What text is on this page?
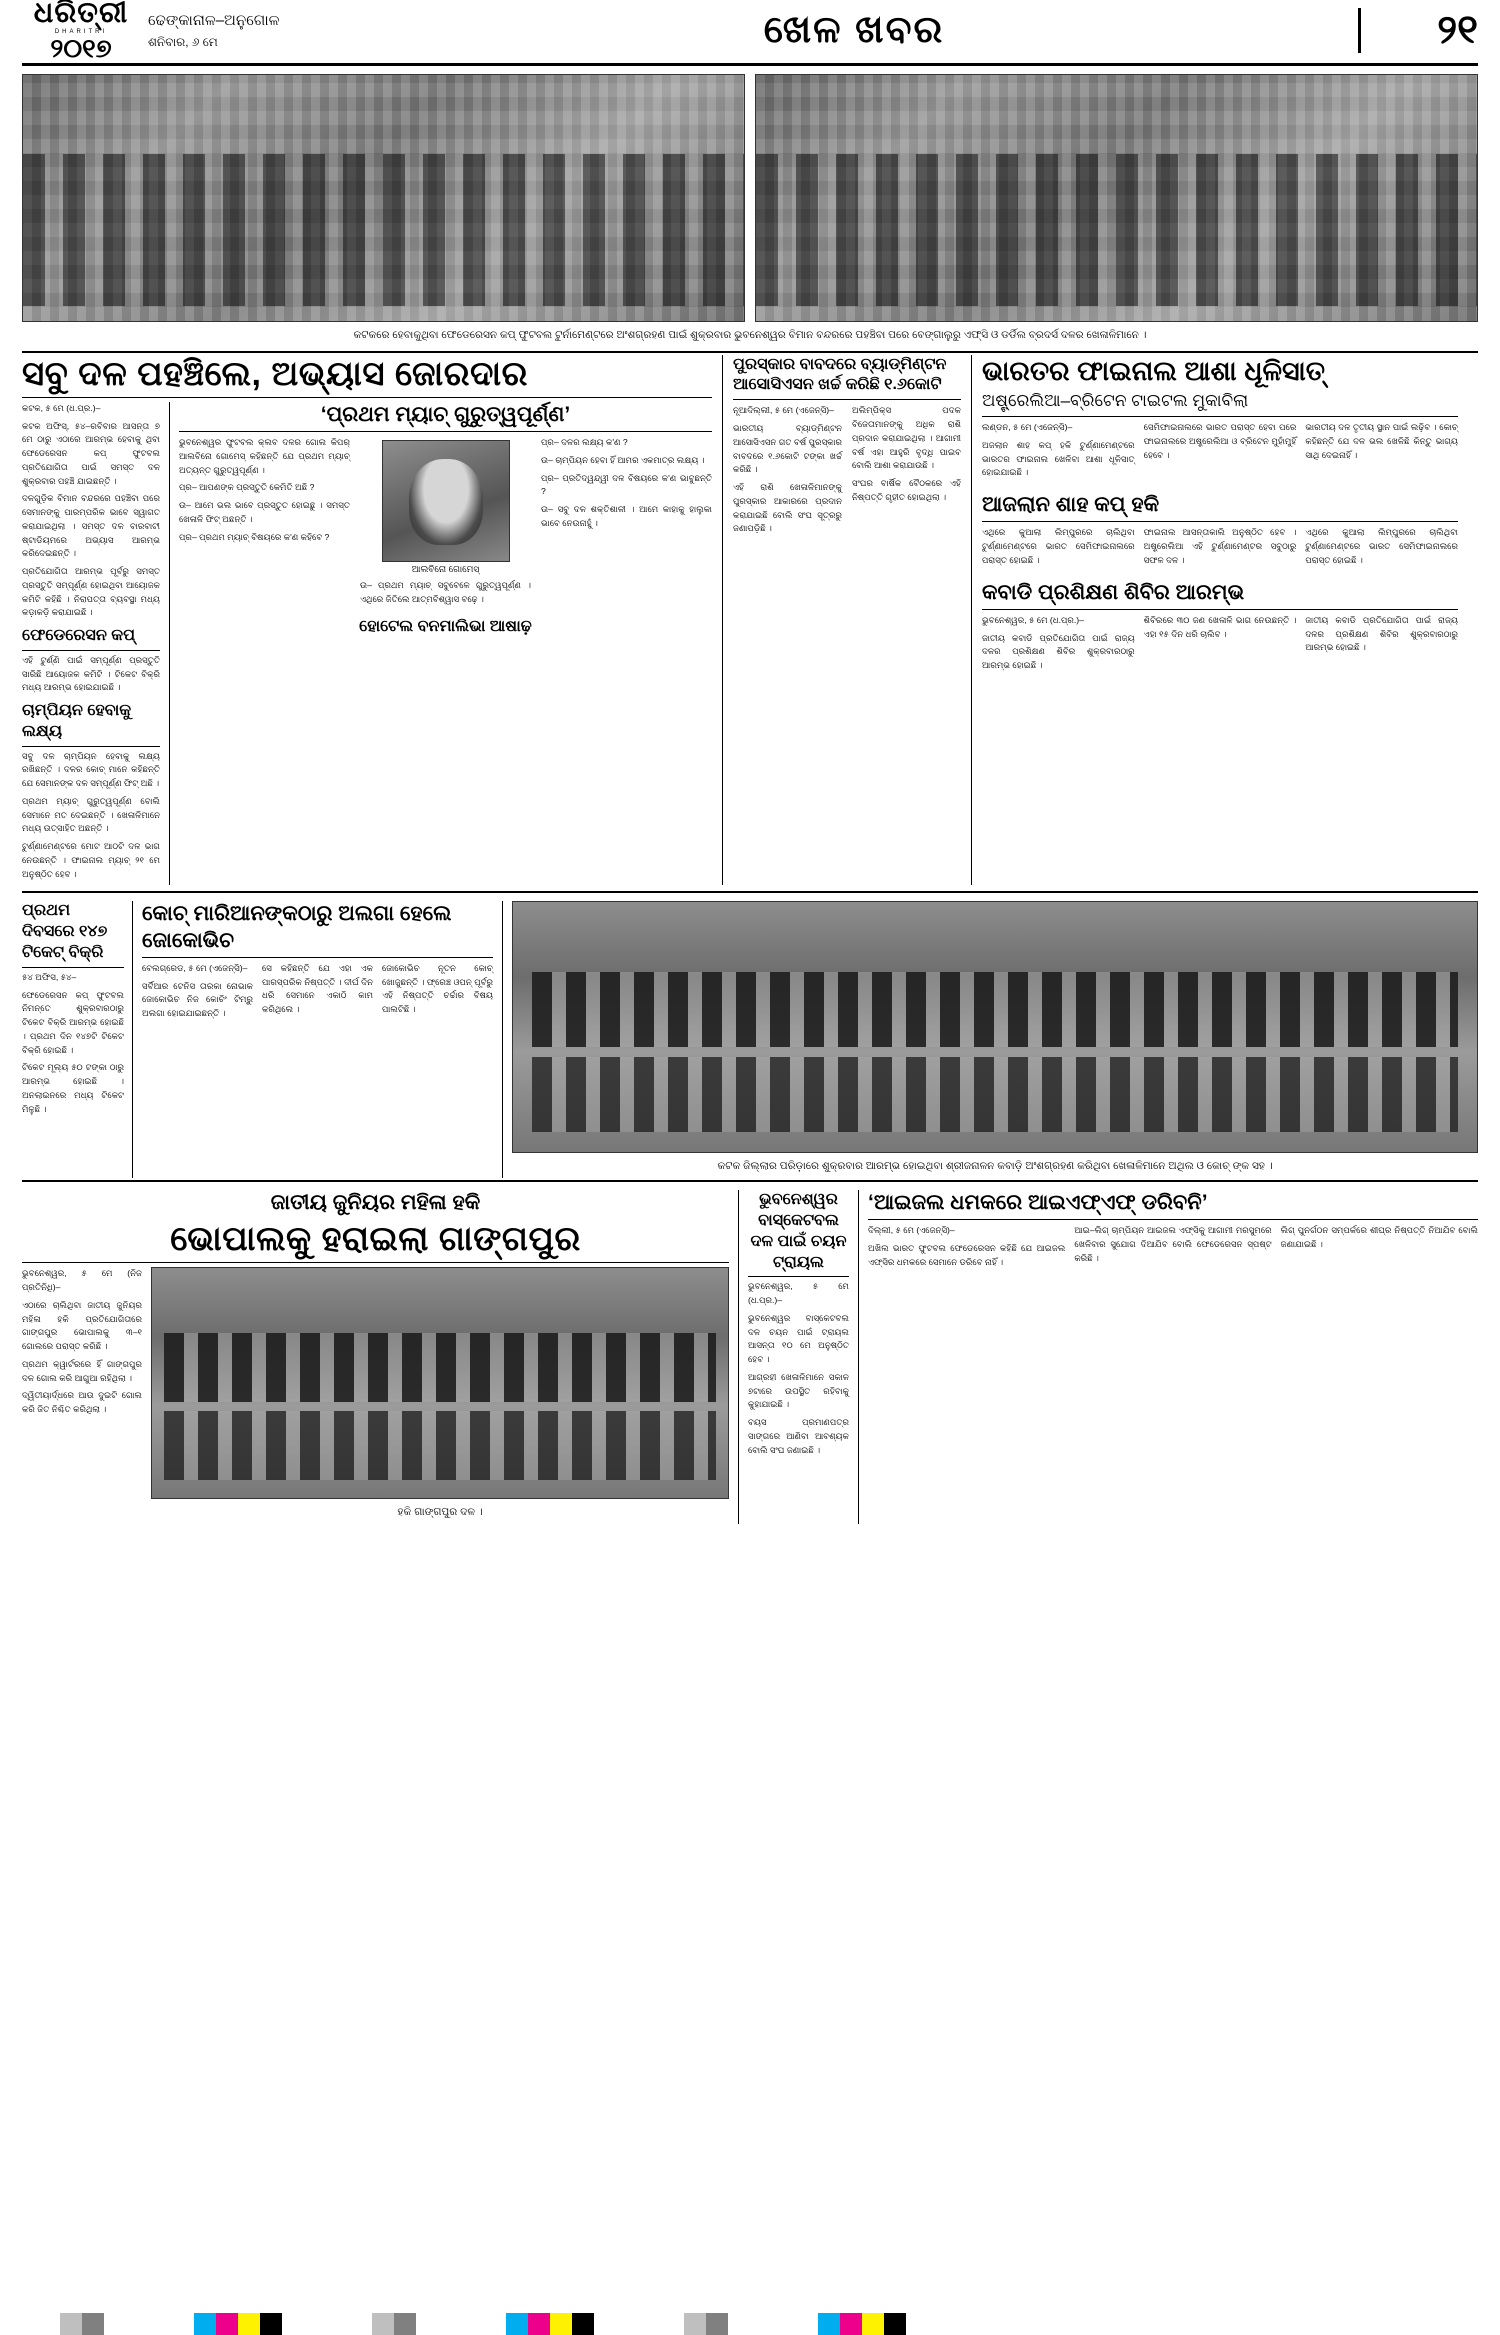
ଧରିତ୍ରୀ
DHARITRI
୨୦୧୭
ଢେଙ୍କାନାଳ–ଅନୁଗୋଳ
ଶନିବାର, ୬ ମେ	ଖେଳ ଖବର	୨୧
କଟକରେ ହେବାକୁଥିବା ଫେଡେରେସନ କପ୍ ଫୁଟବଲ ଟୁର୍ନାମେଣ୍ଟରେ ଅଂଶଗ୍ରହଣ ପାଇଁ ଶୁକ୍ରବାର ଭୁବନେଶ୍ୱର ବିମାନ ବନ୍ଦରରେ ପହଞ୍ଚିବା ପରେ ବେଙ୍ଗାଲୁରୁ ଏଫ୍‌ସି ଓ ଡର୍ଡିଲ ବ୍ରଦର୍ସ ଦଳର ଖେଳାଳିମାନେ ।
ସବୁ ଦଳ ପହଞ୍ଚିଲେ, ଅଭ୍ୟାସ ଜୋରଦାର

କଟକ, ୫ ମେ (ଧ.ପ୍ର.)–

କଟକ ଅଫିସ୍, ୫୪–ରବିବାର ଆସନ୍ତା ୭ ମେ ଠାରୁ ଏଠାରେ ଆରମ୍ଭ ହେବାକୁ ଥିବା ଫେଡେରେସନ କପ୍ ଫୁଟବଲ ପ୍ରତିଯୋଗିତା ପାଇଁ ସମସ୍ତ ଦଳ ଶୁକ୍ରବାର ପହଞ୍ଚି ଯାଇଛନ୍ତି ।

ଦଳଗୁଡ଼ିକ ବିମାନ ବନ୍ଦରରେ ପହଞ୍ଚିବା ପରେ ସେମାନଙ୍କୁ ପାରମ୍ପରିକ ଭାବେ ସ୍ୱାଗତ କରାଯାଇଥିଲା । ସମସ୍ତ ଦଳ ବାରବାଟୀ ଷ୍ଟାଡିୟମରେ ଅଭ୍ୟାସ ଆରମ୍ଭ କରିଦେଇଛନ୍ତି ।

ପ୍ରତିଯୋଗିତା ଆରମ୍ଭ ପୂର୍ବରୁ ସମସ୍ତ ପ୍ରସ୍ତୁତି ସମ୍ପୂର୍ଣ୍ଣ ହୋଇଥିବା ଆୟୋଜକ କମିଟି କହିଛି । ନିରାପତ୍ତା ବ୍ୟବସ୍ଥା ମଧ୍ୟ କଡ଼ାକଡ଼ି କରାଯାଇଛି ।

ଫେଡେରେସନ କପ୍

ଏହି ଟୁର୍ଣ୍ଣି ପାଇଁ ସମ୍ପୂର୍ଣ୍ଣ ପ୍ରସ୍ତୁତି ସାରିଛି ଆୟୋଜକ କମିଟି । ଟିକେଟ ବିକ୍ରି ମଧ୍ୟ ଆରମ୍ଭ ହୋଇଯାଇଛି ।

ଚାମ୍ପିୟନ ହେବାକୁ ଲକ୍ଷ୍ୟ

ସବୁ ଦଳ ଚାମ୍ପିୟନ ହେବାକୁ ଲକ୍ଷ୍ୟ ରଖିଛନ୍ତି । ଦଳର କୋଚ୍ ମାନେ କହିଛନ୍ତି ଯେ ସେମାନଙ୍କ ଦଳ ସମ୍ପୂର୍ଣ୍ଣ ଫିଟ୍ ଅଛି ।

ପ୍ରଥମ ମ୍ୟାଚ୍ ଗୁରୁତ୍ୱପୂର୍ଣ୍ଣ ବୋଲି ସେମାନେ ମତ ଦେଇଛନ୍ତି । ଖେଳାଳିମାନେ ମଧ୍ୟ ଉତ୍ସାହିତ ଅଛନ୍ତି ।

ଟୁର୍ଣ୍ଣାମେଣ୍ଟରେ ମୋଟ ଆଠଟି ଦଳ ଭାଗ ନେଉଛନ୍ତି । ଫାଇନାଲ ମ୍ୟାଚ୍ ୨୧ ମେ ଅନୁଷ୍ଠିତ ହେବ ।

‘ପ୍ରଥମ ମ୍ୟାଚ୍ ଗୁରୁତ୍ୱପୂର୍ଣ୍ଣ’

ଭୁବନେଶ୍ୱର ଫୁଟବଲ କ୍ଲବ ଦଳର ଗୋଲ କିପର୍ ଆଲବିନୋ ଗୋମେସ୍ କହିଛନ୍ତି ଯେ ପ୍ରଥମ ମ୍ୟାଚ୍ ଅତ୍ୟନ୍ତ ଗୁରୁତ୍ୱପୂର୍ଣ୍ଣ ।

ପ୍ର– ଆପଣଙ୍କ ପ୍ରସ୍ତୁତି କେମିତି ଅଛି ?

ଉ– ଆମେ ଭଲ ଭାବେ ପ୍ରସ୍ତୁତ ହୋଇଛୁ । ସମସ୍ତ ଖେଳାଳି ଫିଟ୍ ଅଛନ୍ତି ।

ପ୍ର– ପ୍ରଥମ ମ୍ୟାଚ୍ ବିଷୟରେ କ'ଣ କହିବେ ?

ଆଲବିନୋ ଗୋମେସ୍

ଉ– ପ୍ରଥମ ମ୍ୟାଚ୍ ସବୁବେଳେ ଗୁରୁତ୍ୱପୂର୍ଣ୍ଣ । ଏଥିରେ ଜିତିଲେ ଆତ୍ମବିଶ୍ୱାସ ବଢ଼େ ।

ପ୍ର– ଦଳର ଲକ୍ଷ୍ୟ କ'ଣ ?

ଉ– ଚାମ୍ପିୟନ ହେବା ହିଁ ଆମର ଏକମାତ୍ର ଲକ୍ଷ୍ୟ ।

ପ୍ର– ପ୍ରତିଦ୍ୱନ୍ଦ୍ୱୀ ଦଳ ବିଷୟରେ କ'ଣ ଭାବୁଛନ୍ତି ?

ଉ– ସବୁ ଦଳ ଶକ୍ତିଶାଳୀ । ଆମେ କାହାକୁ ହାଲୁକା ଭାବେ ନେଉନାହୁଁ ।

ହୋଟେଲ ବନମାଲିଭା ଆଷାଢ଼
ପୁରସ୍କାର ବାବଦରେ ବ୍ୟାଡ୍‌ମିଣ୍ଟନ ଆସୋସିଏସନ ଖର୍ଚ୍ଚ କରିଛି ୧.୬କୋଟି

ନୂଆଦିଲ୍ଲୀ, ୫ ମେ (ଏଜେନ୍ସି)–

ଭାରତୀୟ ବ୍ୟାଡ୍‌ମିଣ୍ଟନ ଆସୋସିଏସନ ଗତ ବର୍ଷ ପୁରସ୍କାର ବାବଦରେ ୧.୬କୋଟି ଟଙ୍କା ଖର୍ଚ୍ଚ କରିଛି ।

ଏହି ରାଶି ଖେଳାଳିମାନଙ୍କୁ ପୁରସ୍କାର ଆକାରରେ ପ୍ରଦାନ କରାଯାଇଛି ବୋଲି ସଂଘ ସୂତ୍ରରୁ ଜଣାପଡ଼ିଛି ।

ଅଲିମ୍ପିକ୍ସ ପଦକ ବିଜେତାମାନଙ୍କୁ ଅଧିକ ରାଶି ପ୍ରଦାନ କରାଯାଇଥିଲା । ଆଗାମୀ ବର୍ଷ ଏହା ଆହୁରି ବୃଦ୍ଧି ପାଇବ ବୋଲି ଆଶା କରାଯାଉଛି ।

ସଂଘର ବାର୍ଷିକ ବୈଠକରେ ଏହି ନିଷ୍ପତ୍ତି ଗୃହୀତ ହୋଇଥିଲା ।

ଭାରତର ଫାଇନାଲ ଆଶା ଧୂଳିସାତ୍
ଅଷ୍ଟ୍ରେଲିଆ–ବ୍ରିଟେନ ଟାଇଟଲ ମୁକାବିଲା

ଲଣ୍ଡନ, ୫ ମେ (ଏଜେନ୍ସି)–

ଅଜଲାନ ଶାହ କପ୍ ହକି ଟୁର୍ଣ୍ଣାମେଣ୍ଟରେ ଭାରତର ଫାଇନାଲ ଖେଳିବା ଆଶା ଧୂଳିସାତ୍ ହୋଇଯାଇଛି ।

ସେମିଫାଇନାଲରେ ଭାରତ ପରାସ୍ତ ହେବା ପରେ ଫାଇନାଲରେ ଅଷ୍ଟ୍ରେଲିଆ ଓ ବ୍ରିଟେନ ମୁହାଁମୁହିଁ ହେବେ ।

ଭାରତୀୟ ଦଳ ତୃତୀୟ ସ୍ଥାନ ପାଇଁ ଲଢ଼ିବ । କୋଚ୍ କହିଛନ୍ତି ଯେ ଦଳ ଭଲ ଖେଳିଛି କିନ୍ତୁ ଭାଗ୍ୟ ସାଥି ଦେଇନାହିଁ ।

ଆଜଲାନ ଶାହ କପ୍ ହକି

ଏଥିରେ କୁଆଲା ଲିମ୍ପୁରରେ ଚାଲିଥିବା ଟୁର୍ଣ୍ଣାମେଣ୍ଟରେ ଭାରତ ସେମିଫାଇନାଲରେ ପରାସ୍ତ ହୋଇଛି ।

ଫାଇନାଲ ଆସନ୍ତାକାଲି ଅନୁଷ୍ଠିତ ହେବ । ଅଷ୍ଟ୍ରେଲିଆ ଏହି ଟୁର୍ଣ୍ଣାମେଣ୍ଟର ସବୁଠାରୁ ସଫଳ ଦଳ ।

ଏଥିରେ କୁଆଲା ଲିମ୍ପୁରରେ ଚାଲିଥିବା ଟୁର୍ଣ୍ଣାମେଣ୍ଟରେ ଭାରତ ସେମିଫାଇନାଲରେ ପରାସ୍ତ ହୋଇଛି ।

କବାଡି ପ୍ରଶିକ୍ଷଣ ଶିବିର ଆରମ୍ଭ

ଭୁବନେଶ୍ୱର, ୫ ମେ (ଧ.ପ୍ର.)–

ଜାତୀୟ କବାଡି ପ୍ରତିଯୋଗିତା ପାଇଁ ରାଜ୍ୟ ଦଳର ପ୍ରଶିକ୍ଷଣ ଶିବିର ଶୁକ୍ରବାରଠାରୁ ଆରମ୍ଭ ହୋଇଛି ।

ଶିବିରରେ ୩୦ ଜଣ ଖେଳାଳି ଭାଗ ନେଉଛନ୍ତି । ଏହା ୧୫ ଦିନ ଧରି ଚାଲିବ ।

ଜାତୀୟ କବାଡି ପ୍ରତିଯୋଗିତା ପାଇଁ ରାଜ୍ୟ ଦଳର ପ୍ରଶିକ୍ଷଣ ଶିବିର ଶୁକ୍ରବାରଠାରୁ ଆରମ୍ଭ ହୋଇଛି ।

ପ୍ରଥମ ଦିବସରେ ୧୪୭ ଟିକେଟ୍ ବିକ୍ରି

୫୪ ଅଫିସ, ୫୪–

ଫେଡେରେସନ କପ୍ ଫୁଟବଲ ନିମନ୍ତେ ଶୁକ୍ରବାରଠାରୁ ଟିକେଟ ବିକ୍ରି ଆରମ୍ଭ ହୋଇଛି । ପ୍ରଥମ ଦିନ ୧୪୭ଟି ଟିକେଟ ବିକ୍ରି ହୋଇଛି ।

ଟିକେଟ ମୂଲ୍ୟ ୫୦ ଟଙ୍କା ଠାରୁ ଆରମ୍ଭ ହୋଇଛି । ଅନଲାଇନରେ ମଧ୍ୟ ଟିକେଟ ମିଳୁଛି ।

କୋଚ୍ ମାରିଆନଙ୍କଠାରୁ ଅଲଗା ହେଲେ ଜୋକୋଭିଚ

ବେଲଗ୍ରେଡ, ୫ ମେ (ଏଜେନ୍ସି)–

ସର୍ବିଆର ଟେନିସ ତାରକା ନୋଭାକ ଜୋକୋଭିଚ ନିଜ କୋଚିଂ ଟିମ୍‌ରୁ ଅଲଗା ହୋଇଯାଇଛନ୍ତି ।

ସେ କହିଛନ୍ତି ଯେ ଏହା ଏକ ପାରସ୍ପରିକ ନିଷ୍ପତ୍ତି । ଦୀର୍ଘ ଦିନ ଧରି ସେମାନେ ଏକାଠି କାମ କରିଥିଲେ ।

ଜୋକୋଭିଚ ନୂତନ କୋଚ୍ ଖୋଜୁଛନ୍ତି । ଫ୍ରେଞ୍ଚ ଓପନ୍ ପୂର୍ବରୁ ଏହି ନିଷ୍ପତ୍ତି ଚର୍ଚ୍ଚାର ବିଷୟ ପାଲଟିଛି ।

କଟକ ଜିଲ୍ଲାର ପରିଡ଼ାରେ ଶୁକ୍ରବାର ଆରମ୍ଭ ହୋଇଥିବା ଶ୍ରୀଜନାଳନ କବାଡ଼ି ଅଂଶଗ୍ରହଣ କରିଥିବା ଖେଳାଳିମାନେ ଅଥିଲ ଓ କୋଚ୍ ଙ୍କ ସହ ।
ଜାତୀୟ ଜୁନିୟର ମହିଳା ହକି
ଭୋପାଲକୁ ହରାଇଲା ଗାଙ୍ଗପୁର

ଭୁବନେଶ୍ୱର, ୫ ମେ (ନିଜ ପ୍ରତିନିଧି)–

ଏଠାରେ ଚାଲିଥିବା ଜାତୀୟ ଜୁନିୟର ମହିଳା ହକି ପ୍ରତିଯୋଗିତାରେ ଗାଙ୍ଗପୁର ଭୋପାଲକୁ ୩–୧ ଗୋଲରେ ପରାସ୍ତ କରିଛି ।

ପ୍ରଥମ କ୍ୱାର୍ଟରରେ ହିଁ ଗାଙ୍ଗପୁର ଦଳ ଗୋଲ କରି ଆଗୁଆ ରହିଥିଲା ।

ଦ୍ୱିତୀୟାର୍ଦ୍ଧରେ ଆଉ ଦୁଇଟି ଗୋଲ କରି ଜିତ ନିଶ୍ଚିତ କରିଥିଲା ।

ହକି ଗାଙ୍ଗପୁର ଦଳ ।
ଭୁବନେଶ୍ୱର ବାସ୍କେଟବଲ ଦଳ ପାଇଁ ଚୟନ ଟ୍ରାୟଲ

ଭୁବନେଶ୍ୱର, ୫ ମେ (ଧ.ପ୍ର.)–

ଭୁବନେଶ୍ୱର ବାସ୍କେଟବଲ ଦଳ ଚୟନ ପାଇଁ ଟ୍ରାୟଲ ଆସନ୍ତା ୧୦ ମେ ଅନୁଷ୍ଠିତ ହେବ ।

ଆଗ୍ରହୀ ଖେଳାଳିମାନେ ସକାଳ ୭ଟାରେ ଉପସ୍ଥିତ ରହିବାକୁ କୁହାଯାଇଛି ।

ବୟସ ପ୍ରମାଣପତ୍ର ସାଙ୍ଗରେ ଆଣିବା ଆବଶ୍ୟକ ବୋଲି ସଂଘ ଜଣାଇଛି ।

‘ଆଇଜଲ ଧମକରେ ଆଇଏଫ୍‌ଏଫ୍‌ ଡରିବନି’

ଦିଲ୍ଲୀ, ୫ ମେ (ଏଜେନ୍ସି)–

ଅଖିଲ ଭାରତ ଫୁଟବଲ ଫେଡେରେସନ କହିଛି ଯେ ଆଇଜଲ ଏଫ୍‌ସିର ଧମକରେ ସେମାନେ ଡରିବେ ନାହିଁ ।

ଆଇ–ଲିଗ୍ ଚାମ୍ପିୟନ ଆଇଜଲ ଏଫ୍‌ସିକୁ ଆଗାମୀ ମରସୁମରେ ଖେଳିବାର ସୁଯୋଗ ଦିଆଯିବ ବୋଲି ଫେଡେରେସନ ସ୍ପଷ୍ଟ କରିଛି ।

ଲିଗ୍ ପୁନର୍ଗଠନ ସମ୍ପର୍କରେ ଶୀଘ୍ର ନିଷ୍ପତ୍ତି ନିଆଯିବ ବୋଲି ଜଣାଯାଇଛି ।
